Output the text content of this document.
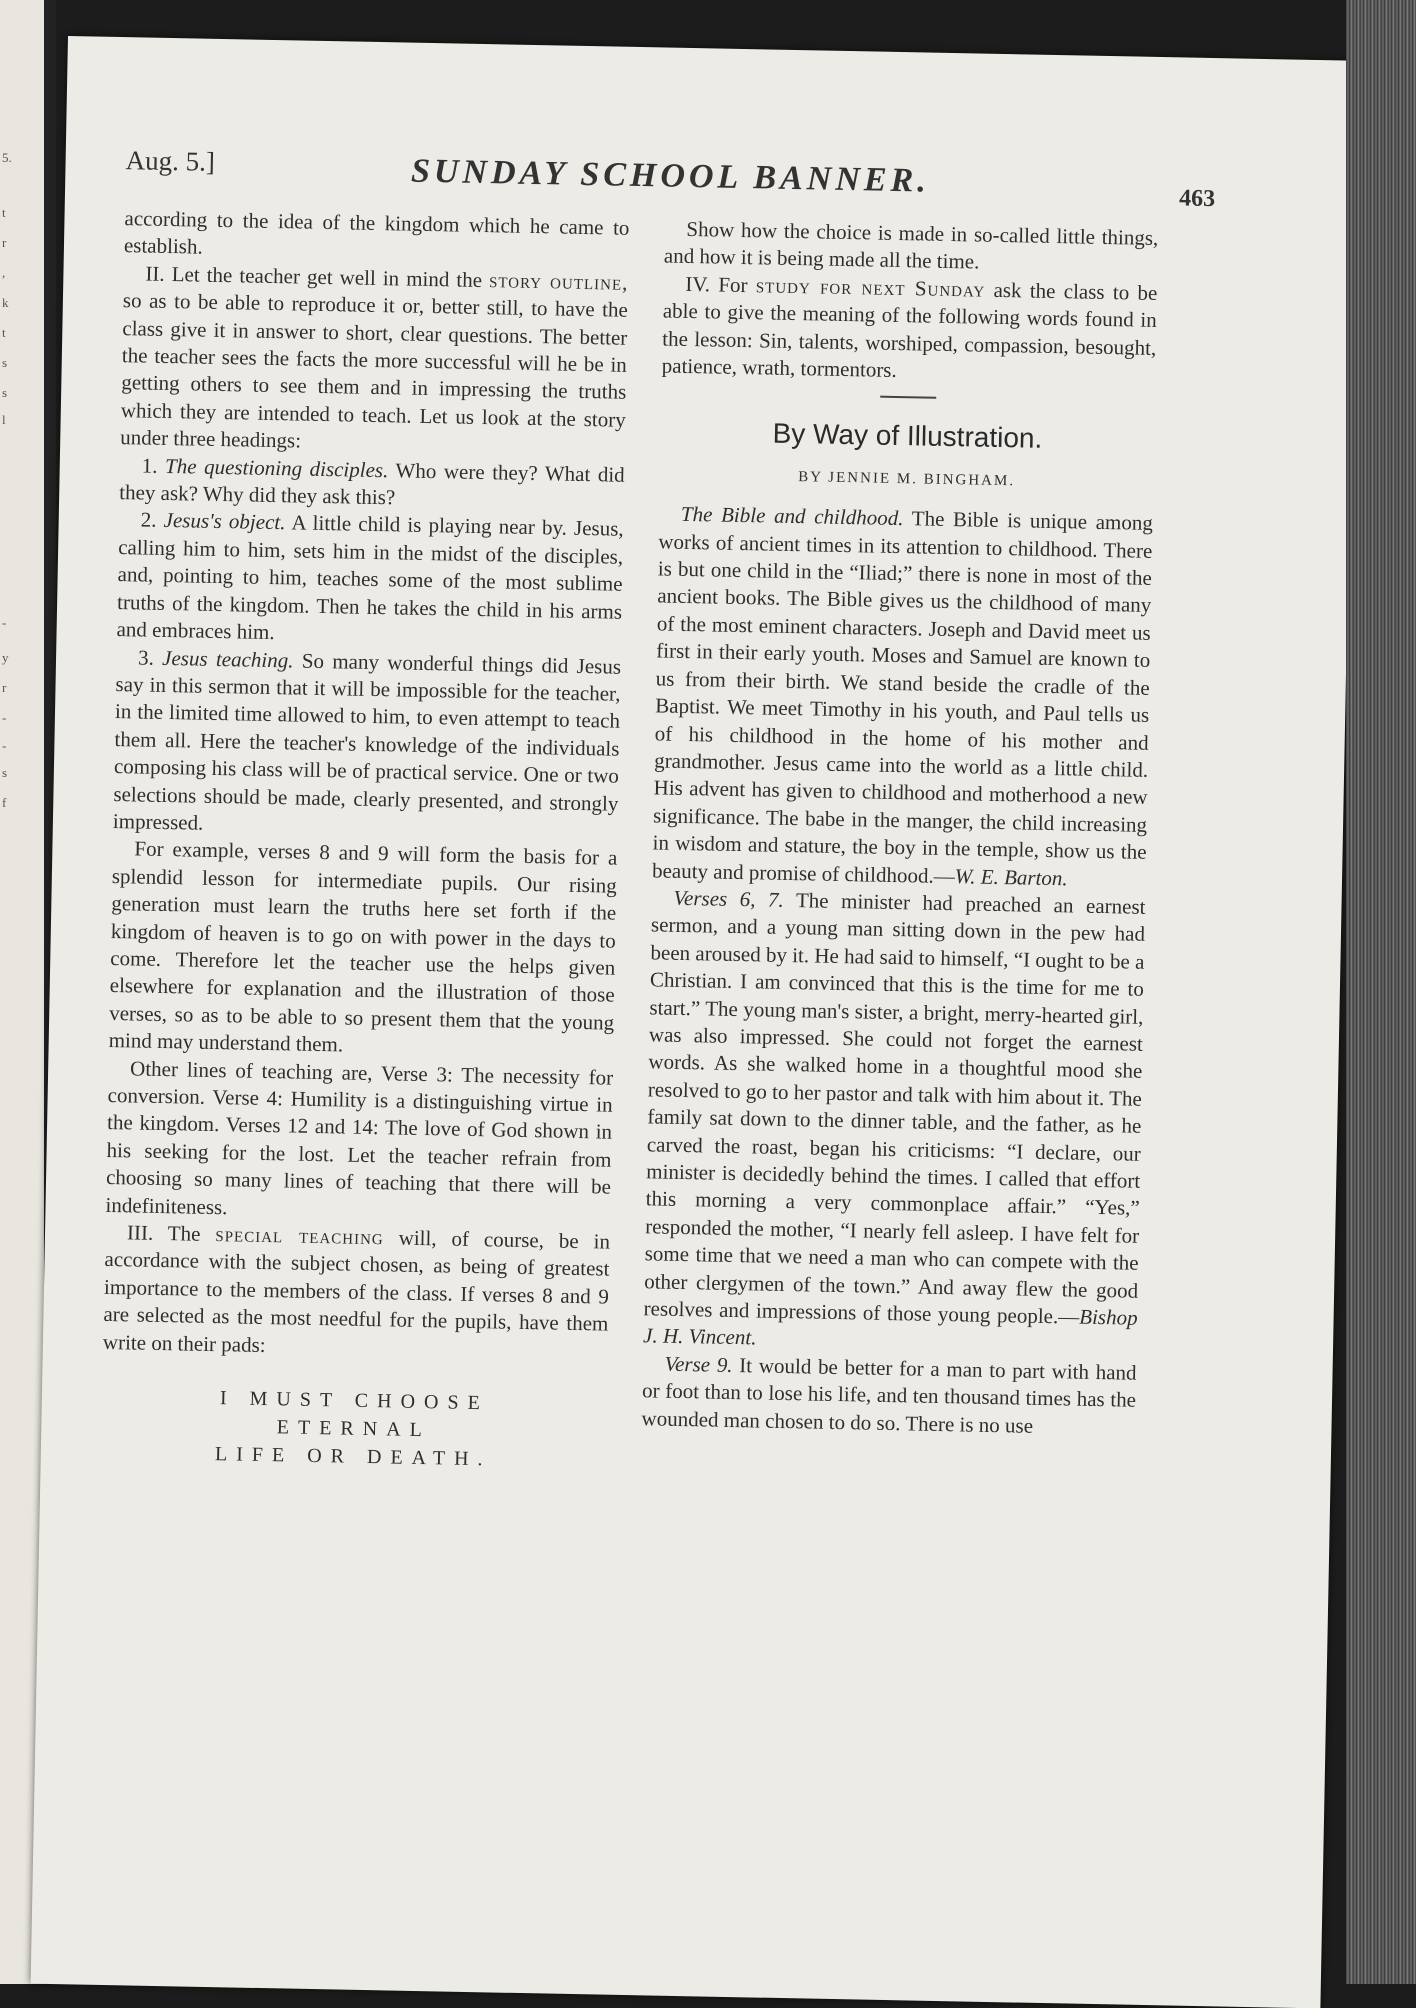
5.
t
r
,
k
t
s
s
l
-
y
r
-
-
s
f
Aug. 5.]	SUNDAY SCHOOL BANNER.	463

according to the idea of the kingdom which he came to establish.

II. Let the teacher get well in mind the story outline, so as to be able to reproduce it or, better still, to have the class give it in answer to short, clear questions. The better the teacher sees the facts the more successful will he be in getting others to see them and in impressing the truths which they are intended to teach. Let us look at the story under three headings:

1. The questioning disciples. Who were they? What did they ask? Why did they ask this?

2. Jesus's object. A little child is playing near by. Jesus, calling him to him, sets him in the midst of the disciples, and, pointing to him, teaches some of the most sublime truths of the kingdom. Then he takes the child in his arms and embraces him.

3. Jesus teaching. So many wonderful things did Jesus say in this sermon that it will be impossible for the teacher, in the limited time allowed to him, to even attempt to teach them all. Here the teacher's knowledge of the individuals composing his class will be of practical service. One or two selections should be made, clearly presented, and strongly impressed.

For example, verses 8 and 9 will form the basis for a splendid lesson for intermediate pupils. Our rising generation must learn the truths here set forth if the kingdom of heaven is to go on with power in the days to come. Therefore let the teacher use the helps given elsewhere for explanation and the illustration of those verses, so as to be able to so present them that the young mind may understand them.

Other lines of teaching are, Verse 3: The necessity for conversion. Verse 4: Humility is a distinguishing virtue in the kingdom. Verses 12 and 14: The love of God shown in his seeking for the lost. Let the teacher refrain from choosing so many lines of teaching that there will be indefiniteness.

III. The special teaching will, of course, be in accordance with the subject chosen, as being of greatest importance to the members of the class. If verses 8 and 9 are selected as the most needful for the pupils, have them write on their pads:

I MUST CHOOSE
ETERNAL
LIFE OR DEATH.

Show how the choice is made in so-called little things, and how it is being made all the time.

IV. For study for next Sunday ask the class to be able to give the meaning of the following words found in the lesson: Sin, talents, worshiped, compassion, besought, patience, wrath, tormentors.

By Way of Illustration.
BY JENNIE M. BINGHAM.

The Bible and childhood. The Bible is unique among works of ancient times in its attention to childhood. There is but one child in the “Iliad;” there is none in most of the ancient books. The Bible gives us the childhood of many of the most eminent characters. Joseph and David meet us first in their early youth. Moses and Samuel are known to us from their birth. We stand beside the cradle of the Baptist. We meet Timothy in his youth, and Paul tells us of his childhood in the home of his mother and grandmother. Jesus came into the world as a little child. His advent has given to childhood and motherhood a new significance. The babe in the manger, the child increasing in wisdom and stature, the boy in the temple, show us the beauty and promise of childhood.—W. E. Barton.

Verses 6, 7. The minister had preached an earnest sermon, and a young man sitting down in the pew had been aroused by it. He had said to himself, “I ought to be a Christian. I am convinced that this is the time for me to start.” The young man's sister, a bright, merry-hearted girl, was also impressed. She could not forget the earnest words. As she walked home in a thoughtful mood she resolved to go to her pastor and talk with him about it. The family sat down to the dinner table, and the father, as he carved the roast, began his criticisms: “I declare, our minister is decidedly behind the times. I called that effort this morning a very commonplace affair.” “Yes,” responded the mother, “I nearly fell asleep. I have felt for some time that we need a man who can compete with the other clergymen of the town.” And away flew the good resolves and impressions of those young people.—Bishop J. H. Vincent.

Verse 9. It would be better for a man to part with hand or foot than to lose his life, and ten thousand times has the wounded man chosen to do so. There is no use
